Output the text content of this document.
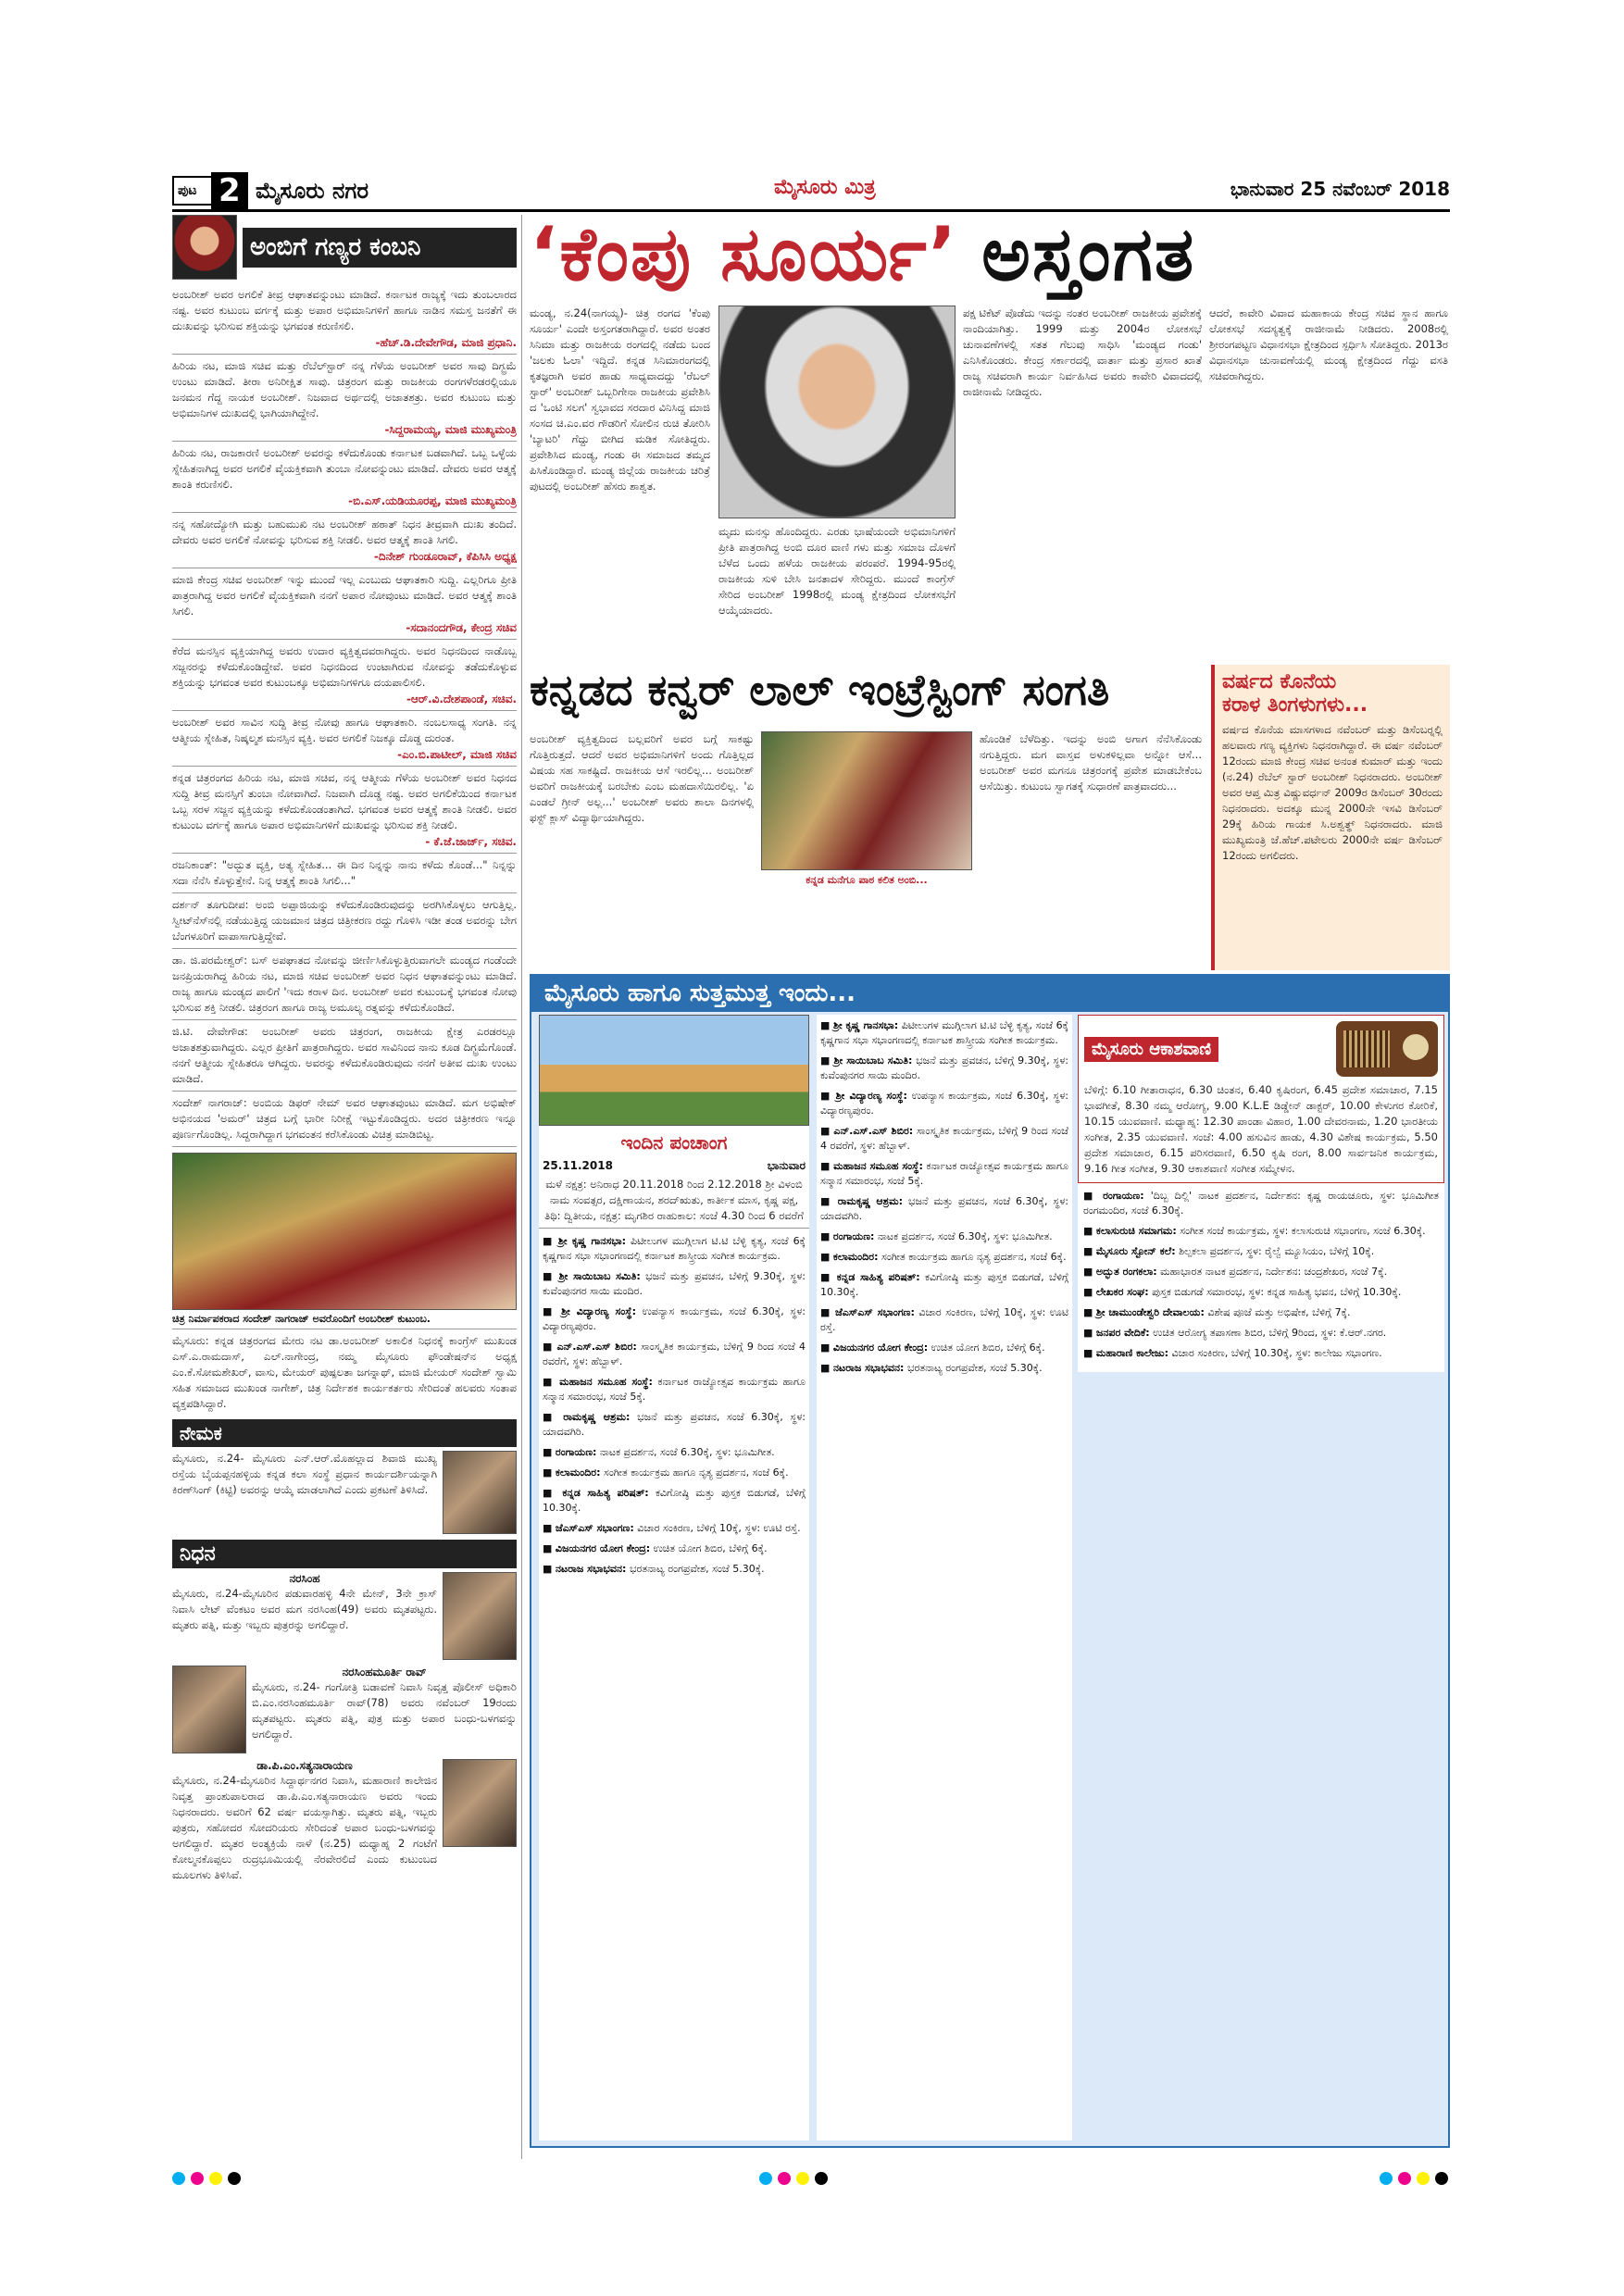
ಪುಟ 2 ಮೈಸೂರು ನಗರ	ಮೈಸೂರು ಮಿತ್ರ	ಭಾನುವಾರ 25 ನವೆಂಬರ್ 2018
ಅಂಬಿಗೆ ಗಣ್ಯರ ಕಂಬನಿ
ಅಂಬರೀಶ್ ಅವರ ಅಗಲಿಕೆ ತೀವ್ರ ಆಘಾತವನ್ನುಂಟು ಮಾಡಿದೆ. ಕರ್ನಾಟಕ ರಾಜ್ಯಕ್ಕೆ ಇದು ತುಂಬಲಾರದ ನಷ್ಟ. ಅವರ ಕುಟುಂಬ ವರ್ಗಕ್ಕೆ ಮತ್ತು ಅಪಾರ ಅಭಿಮಾನಿಗಳಿಗೆ ಹಾಗೂ ನಾಡಿನ ಸಮಸ್ತ ಜನತೆಗೆ ಈ ದುಃಖವನ್ನು ಭರಿಸುವ ಶಕ್ತಿಯನ್ನು ಭಗವಂತ ಕರುಣಿಸಲಿ.
-ಹೆಚ್.ಡಿ.ದೇವೇಗೌಡ, ಮಾಜಿ ಪ್ರಧಾನಿ.
ಹಿರಿಯ ನಟ, ಮಾಜಿ ಸಚಿವ ಮತ್ತು ರೆಬೆಲ್‍ಸ್ಟಾರ್ ನನ್ನ ಗೆಳೆಯ ಅಂಬರೀಶ್ ಅವರ ಸಾವು ದಿಗ್ಭ್ರಮೆ ಉಂಟು ಮಾಡಿದೆ. ತೀರಾ ಅನಿರೀಕ್ಷಿತ ಸಾವು. ಚಿತ್ರರಂಗ ಮತ್ತು ರಾಜಕೀಯ ರಂಗಗಳೆರಡರಲ್ಲಿಯೂ ಜನಮನ ಗೆದ್ದ ನಾಯಕ ಅಂಬರೀಶ್. ನಿಜವಾದ ಅರ್ಥದಲ್ಲಿ ಅಜಾತಶತ್ರು. ಅವರ ಕುಟುಂಬ ಮತ್ತು ಅಭಿಮಾನಿಗಳ ದುಃಖದಲ್ಲಿ ಭಾಗಿಯಾಗಿದ್ದೇನೆ.
-ಸಿದ್ದರಾಮಯ್ಯ, ಮಾಜಿ ಮುಖ್ಯಮಂತ್ರಿ
ಹಿರಿಯ ನಟ, ರಾಜಕಾರಣಿ ಅಂಬರೀಶ್ ಅವರನ್ನು ಕಳೆದುಕೊಂಡು ಕರ್ನಾಟಕ ಬಡವಾಗಿದೆ. ಒಬ್ಬ ಒಳ್ಳೆಯ ಸ್ನೇಹಿತನಾಗಿದ್ದ ಅವರ ಅಗಲಿಕೆ ವೈಯಕ್ತಿಕವಾಗಿ ತುಂಬಾ ನೋವನ್ನುಂಟು ಮಾಡಿದೆ. ದೇವರು ಅವರ ಆತ್ಮಕ್ಕೆ ಶಾಂತಿ ಕರುಣಿಸಲಿ.
-ಬಿ.ಎಸ್.ಯಡಿಯೂರಪ್ಪ, ಮಾಜಿ ಮುಖ್ಯಮಂತ್ರಿ
ನನ್ನ ಸಹೋದ್ಯೋಗಿ ಮತ್ತು ಬಹುಮುಖಿ ನಟ ಅಂಬರೀಶ್ ಹಠಾತ್ ನಿಧನ ತೀವ್ರವಾಗಿ ದುಃಖ ತಂದಿದೆ. ದೇವರು ಅವರ ಅಗಲಿಕೆ ನೋವನ್ನು ಭರಿಸುವ ಶಕ್ತಿ ನೀಡಲಿ. ಅವರ ಆತ್ಮಕ್ಕೆ ಶಾಂತಿ ಸಿಗಲಿ.
-ದಿನೇಶ್ ಗುಂಡೂರಾವ್, ಕೆಪಿಸಿಸಿ ಅಧ್ಯಕ್ಷ
ಮಾಜಿ ಕೇಂದ್ರ ಸಚಿವ ಅಂಬರೀಶ್ ಇನ್ನು ಮುಂದೆ ಇಲ್ಲ ಎಂಬುದು ಆಘಾತಕಾರಿ ಸುದ್ದಿ. ಎಲ್ಲರಿಗೂ ಪ್ರೀತಿ ಪಾತ್ರರಾಗಿದ್ದ ಅವರ ಅಗಲಿಕೆ ವೈಯಕ್ತಿಕವಾಗಿ ನನಗೆ ಅಪಾರ ನೋವುಂಟು ಮಾಡಿದೆ. ಅವರ ಆತ್ಮಕ್ಕೆ ಶಾಂತಿ ಸಿಗಲಿ.
-ಸದಾನಂದಗೌಡ, ಕೇಂದ್ರ ಸಚಿವ
ಕೆರೆದ ಮನಸ್ಸಿನ ವ್ಯಕ್ತಿಯಾಗಿದ್ದ ಅವರು ಉದಾರ ವ್ಯಕ್ತಿತ್ವದವರಾಗಿದ್ದರು. ಅವರ ನಿಧನದಿಂದ ನಾಡೊಬ್ಬ ಸಜ್ಜನರನ್ನು ಕಳೆದುಕೊಂಡಿದ್ದೇವೆ. ಅವರ ನಿಧನದಿಂದ ಉಂಟಾಗಿರುವ ನೋವನ್ನು ತಡೆದುಕೊಳ್ಳುವ ಶಕ್ತಿಯನ್ನು ಭಗವಂತ ಅವರ ಕುಟುಂಬಕ್ಕೂ ಅಭಿಮಾನಿಗಳಿಗೂ ದಯಪಾಲಿಸಲಿ.
-ಆರ್.ವಿ.ದೇಶಪಾಂಡೆ, ಸಚಿವ.
ಅಂಬರೀಶ್ ಅವರ ಸಾವಿನ ಸುದ್ದಿ ತೀವ್ರ ನೋವು ಹಾಗೂ ಆಘಾತಕಾರಿ. ನಂಬಲಸಾಧ್ಯ ಸಂಗತಿ. ನನ್ನ ಆತ್ಮೀಯ ಸ್ನೇಹಿತ, ನಿಷ್ಕಲ್ಮಶ ಮನಸ್ಸಿನ ವ್ಯಕ್ತಿ. ಅವರ ಅಗಲಿಕೆ ನಿಜಕ್ಕೂ ದೊಡ್ಡ ದುರಂತ.
-ಎಂ.ಬಿ.ಪಾಟೀಲ್, ಮಾಜಿ ಸಚಿವ
ಕನ್ನಡ ಚಿತ್ರರಂಗದ ಹಿರಿಯ ನಟ, ಮಾಜಿ ಸಚಿವ, ನನ್ನ ಆತ್ಮೀಯ ಗೆಳೆಯ ಅಂಬರೀಶ್ ಅವರ ನಿಧನದ ಸುದ್ದಿ ತೀವ್ರ ಮನಸ್ಸಿಗೆ ತುಂಬಾ ನೋವಾಗಿದೆ. ನಿಜವಾಗಿ ದೊಡ್ಡ ನಷ್ಟ. ಅವರ ಅಗಲಿಕೆಯಿಂದ ಕರ್ನಾಟಕ ಒಬ್ಬ ಸರಳ ಸಜ್ಜನ ವ್ಯಕ್ತಿಯನ್ನು ಕಳೆದುಕೊಂಡಂತಾಗಿದೆ. ಭಗವಂತ ಅವರ ಆತ್ಮಕ್ಕೆ ಶಾಂತಿ ನೀಡಲಿ. ಅವರ ಕುಟುಂಬ ವರ್ಗಕ್ಕೆ ಹಾಗೂ ಅಪಾರ ಅಭಿಮಾನಿಗಳಿಗೆ ದುಃಖವನ್ನು ಭರಿಸುವ ಶಕ್ತಿ ನೀಡಲಿ.
- ಕೆ.ಜೆ.ಜಾರ್ಜ್, ಸಚಿವ.
ರಜನಿಕಾಂತ್: "ಅದ್ಭುತ ವ್ಯಕ್ತಿ, ಅತ್ಯ ಸ್ನೇಹಿತ... ಈ ದಿನ ನಿನ್ನನ್ನು ನಾನು ಕಳೆದು ಕೊಂಡೆ..." ನಿನ್ನನ್ನು ಸದಾ ನೆನೆಸಿ ಕೊಳ್ಳುತ್ತೇನೆ. ನಿನ್ನ ಆತ್ಮಕ್ಕೆ ಶಾಂತಿ ಸಿಗಲಿ..."
ದರ್ಶನ್ ತೂಗುದೀಪ: ಅಂಬಿ ಅಪ್ಪಾಜಿಯನ್ನು ಕಳೆದುಕೊಂಡಿರುವುದನ್ನು ಅರಗಿಸಿಕೊಳ್ಳಲು ಆಗುತ್ತಿಲ್ಲ. ಸ್ವೀಟ್‍ನೆಸ್‍ನಲ್ಲಿ ನಡೆಯುತ್ತಿದ್ದ ಯಜಮಾನ ಚಿತ್ರದ ಚಿತ್ರೀಕರಣ ರದ್ದು ಗೊಳಿಸಿ ಇಡೀ ತಂಡ ಅವರನ್ನು ಬೇಗ ಬೆಂಗಳೂರಿಗೆ ವಾಪಾಸಾಗುತ್ತಿದ್ದೇವೆ.
ಡಾ. ಜಿ.ಪರಮೇಶ್ವರ್: ಬಸ್ ಅಪಘಾತದ ನೋವನ್ನು ಜೀರ್ಣಿಸಿಕೊಳ್ಳುತ್ತಿರುವಾಗಲೇ ಮಂಡ್ಯದ ಗಂಡೆಂದೇ ಜನಪ್ರಿಯರಾಗಿದ್ದ ಹಿರಿಯ ನಟ, ಮಾಜಿ ಸಚಿವ ಅಂಬರೀಶ್ ಅವರ ನಿಧನ ಆಘಾತವನ್ನುಂಟು ಮಾಡಿದೆ. ರಾಜ್ಯ ಹಾಗೂ ಮಂಡ್ಯದ ಪಾಲಿಗೆ 'ಇದು ಕರಾಳ ದಿನ. ಅಂಬರೀಶ್ ಅವರ ಕುಟುಂಬಕ್ಕೆ ಭಗವಂತ ನೋವು ಭರಿಸುವ ಶಕ್ತಿ ನೀಡಲಿ. ಚಿತ್ರರಂಗ ಹಾಗೂ ರಾಜ್ಯ ಅಮೂಲ್ಯ ರತ್ನವನ್ನು ಕಳೆದುಕೊಂಡಿದೆ.
ಜಿ.ಟಿ. ದೇವೇಗೌಡ: ಅಂಬರೀಶ್ ಅವರು ಚಿತ್ರರಂಗ, ರಾಜಕೀಯ ಕ್ಷೇತ್ರ ಎರಡರಲ್ಲೂ ಅಜಾತಶತ್ರುವಾಗಿದ್ದರು. ಎಲ್ಲರ ಪ್ರೀತಿಗೆ ಪಾತ್ರರಾಗಿದ್ದರು. ಅವರ ಸಾವಿನಿಂದ ನಾನು ಕೂಡ ದಿಗ್ಭ್ರಮೆಗೊಂಡೆ. ನನಗೆ ಆತ್ಮೀಯ ಸ್ನೇಹಿತರೂ ಆಗಿದ್ದರು. ಅವರನ್ನು ಕಳೆದುಕೊಂಡಿರುವುದು ನನಗೆ ಅತೀವ ದುಃಖ ಉಂಟು ಮಾಡಿದೆ.
ಸಂದೇಶ್ ನಾಗರಾಜ್: ಅಂಬಿಯ ಡಿಫರ್ ನೇಮ್ ಅವರ ಆಘಾತವುಂಟು ಮಾಡಿದೆ. ಮಗ ಅಭಿಷೇಕ್ ಅಭಿನಯದ 'ಅಮರ್' ಚಿತ್ರದ ಬಗ್ಗೆ ಭಾರೀ ನಿರೀಕ್ಷೆ ಇಟ್ಟುಕೊಂಡಿದ್ದರು. ಅದರ ಚಿತ್ರೀಕರಣ ಇನ್ನೂ ಪೂರ್ಣಗೊಂಡಿಲ್ಲ. ಸಿದ್ದರಾಗಿದ್ದಾಗ ಭಗವಂತನ ಕರೆಸಿಕೊಂಡು ವಿಚಿತ್ರ ಮಾಡಿಬಿಟ್ಟ.
ಚಿತ್ರ ನಿರ್ಮಾಪಕರಾದ ಸಂದೇಶ್ ನಾಗರಾಜ್ ಅವರೊಂದಿಗೆ ಅಂಬರೀಶ್ ಕುಟುಂಬ.
ಮೈಸೂರು: ಕನ್ನಡ ಚಿತ್ರರಂಗದ ಮೇರು ನಟ ಡಾ.ಅಂಬರೀಶ್ ಅಕಾಲಿಕ ನಿಧನಕ್ಕೆ ಕಾಂಗ್ರೆಸ್ ಮುಖಂಡ ಎಸ್.ಎ.ರಾಮದಾಸ್, ಎಲ್.ನಾಗೇಂದ್ರ, ನಮ್ಮ ಮೈಸೂರು ಫೌಂಡೇಷನ್‍ನ ಅಧ್ಯಕ್ಷ ಎಂ.ಕೆ.ಸೋಮಶೇಖರ್, ವಾಸು, ಮೇಯರ್ ಪುಷ್ಪಲತಾ ಜಗನ್ನಾಥ್, ಮಾಜಿ ಮೇಯರ್ ಸಂದೇಶ್ ಸ್ವಾಮಿ ಸಹಿತ ಸಮಾಜದ ಮುಖಂಡ ನಾಗೇಶ್, ಚಿತ್ರ ನಿರ್ದೇಶಕ ಕಾರ್ಯಕರ್ತರು ಸೇರಿದಂತೆ ಹಲವರು ಸಂತಾಪ ವ್ಯಕ್ತಪಡಿಸಿದ್ದಾರೆ.
ನೇಮಕ
ಮೈಸೂರು, ನ.24- ಮೈಸೂರು ಎನ್.ಆರ್.ಮೊಹಲ್ಲಾದ ಶಿವಾಜಿ ಮುಖ್ಯ ರಸ್ತೆಯ ಬೈಯಪ್ಪನಹಳ್ಳಿಯ ಕನ್ನಡ ಕಲಾ ಸಂಸ್ಥೆ ಪ್ರಧಾನ ಕಾರ್ಯದರ್ಶಿಯನ್ನಾಗಿ ಕಿರಣ್‍ಸಿಂಗ್ (ಕಿಟ್ಟಿ) ಅವರನ್ನು ಆಯ್ಕೆ ಮಾಡಲಾಗಿದೆ ಎಂದು ಪ್ರಕಟಣೆ ತಿಳಿಸಿದೆ.
ನಿಧನ
ನರಸಿಂಹ
ಮೈಸೂರು, ನ.24-ಮೈಸೂರಿನ ಪಡುವಾರಹಳ್ಳಿ 4ನೇ ಮೇನ್, 3ನೇ ಕ್ರಾಸ್ ನಿವಾಸಿ ಲೇಟ್ ವೆಂಕಟಂ ಅವರ ಮಗ ನರಸಿಂಹ(49) ಅವರು ಮೃತಪಟ್ಟರು. ಮೃತರು ಪತ್ನಿ, ಮತ್ತು ಇಬ್ಬರು ಪುತ್ರರನ್ನು ಅಗಲಿದ್ದಾರೆ.
ನರಸಿಂಹಮೂರ್ತಿ ರಾವ್
ಮೈಸೂರು, ನ.24- ಗಂಗೋತ್ರಿ ಬಡಾವಣೆ ನಿವಾಸಿ ನಿವೃತ್ತ ಪೊಲೀಸ್ ಅಧಿಕಾರಿ ಬಿ.ಎಂ.ನರಸಿಂಹಮೂರ್ತಿ ರಾವ್(78) ಅವರು ನವೆಂಬರ್ 19ರಂದು ಮೃತಪಟ್ಟರು. ಮೃತರು ಪತ್ನಿ, ಪುತ್ರ ಮತ್ತು ಅಪಾರ ಬಂಧು-ಬಳಗವನ್ನು ಅಗಲಿದ್ದಾರೆ.
ಡಾ.ಪಿ.ಎಂ.ಸತ್ಯನಾರಾಯಣ
ಮೈಸೂರು, ನ.24-ಮೈಸೂರಿನ ಸಿದ್ದಾರ್ಥನಗರ ನಿವಾಸಿ, ಮಹಾರಾಣಿ ಕಾಲೇಜಿನ ನಿವೃತ್ತ ಪ್ರಾಂಶುಪಾಲರಾದ ಡಾ.ಪಿ.ಎಂ.ಸತ್ಯನಾರಾಯಣ ಅವರು ಇಂದು ನಿಧನರಾದರು. ಅವರಿಗೆ 62 ವರ್ಷ ವಯಸ್ಸಾಗಿತ್ತು. ಮೃತರು ಪತ್ನಿ, ಇಬ್ಬರು ಪುತ್ರರು, ಸಹೋದರ ಸೋದರಿಯರು ಸೇರಿದಂತೆ ಅಪಾರ ಬಂಧು-ಬಳಗವನ್ನು ಅಗಲಿದ್ದಾರೆ. ಮೃತರ ಅಂತ್ಯಕ್ರಿಯೆ ನಾಳೆ (ನ.25) ಮಧ್ಯಾಹ್ನ 2 ಗಂಟೆಗೆ ಕೋಲ್ಮನಕೊಪ್ಪಲು ರುದ್ರಭೂಮಿಯಲ್ಲಿ ನೆರವೇರಲಿದೆ ಎಂದು ಕುಟುಂಬದ ಮೂಲಗಳು ತಿಳಿಸಿವೆ.
‘ಕೆಂಪು ಸೂರ್ಯ’ ಅಸ್ತಂಗತ
ಮಂಡ್ಯ, ನ.24(ನಾಗಯ್ಯ)- ಚಿತ್ರ ರಂಗದ 'ಕೆಂಪು ಸೂರ್ಯ' ಎಂದೇ ಅಸ್ತಂಗತರಾಗಿದ್ದಾರೆ. ಅವರ ಅಂತರ ಸಿನಿಮಾ ಮತ್ತು ರಾಜಕೀಯ ರಂಗದಲ್ಲಿ ನಡೆದು ಬಂದ 'ಜಲಕು ಓಲಾ' ಇದ್ದಿದೆ. ಕನ್ನಡ ಸಿನಿಮಾರಂಗದಲ್ಲಿ ಕೃತಜ್ಞರಾಗಿ ಅವರ ಹಾಡು ಸಾಧ್ಯವಾದದ್ದು 'ರೆಬಲ್ ಸ್ಟಾರ್' ಅಂಬರೀಶ್ ಒಬ್ಬರಿಗೇನಾ ರಾಜಕೀಯ ಪ್ರವೇಶಿಸಿ ದ 'ಒಂಟಿ ಸಲಗ' ಸ್ವಭಾವದ ಸರದಾರ ವಿನಿಸಿದ್ದ ಮಾಜಿ ಸಂಸದ ಚಿ.ಎಂ.ವರ ಗೌಡರಿಗೆ ಸೋಲಿನ ರುಚಿ ತೋರಿಸಿ 'ಬ್ಯಾಟರಿ' ಗೆದ್ದು ಬೀಗಿದ ಮಡಿಕ ಸೋತಿದ್ದರು. ಪ್ರವೇಶಿಸಿದ ಮಂಡ್ಯ, ಗಂಡು ಈ ಸಮಾಜದ ತಮ್ಮದ ಪಿಸಿಕೊಂಡಿದ್ದಾರೆ. ಮಂಡ್ಯ ಜಿಲ್ಲೆಯ ರಾಜಕೀಯ ಚರಿತ್ರೆ ಪುಟದಲ್ಲಿ ಅಂಬರೀಶ್ ಹೆಸರು ಶಾಶ್ವತ.
ಮೃದು ಮನಸ್ಸು ಹೊಂದಿದ್ದರು. ಎರಡು ಭಾಷೆಯಂದೇ ಅಭಿಮಾನಿಗಳಿಗೆ ಪ್ರೀತಿ ಪಾತ್ರರಾಗಿದ್ದ ಅಂಬಿ ದೂರ ವಾಣಿ ಗಳು ಮತ್ತು ಸಮಾಜ ದೊಳಗೆ ಬೆಳೆದ ಒಂದು ಹಳೆಯ ರಾಜಕೀಯ ಪರಂಪರೆ. 1994-95ರಲ್ಲಿ ರಾಜಕೀಯ ಸುಳಿ ಬೇಸಿ ಜನತಾದಳ ಸೇರಿದ್ದರು. ಮುಂದೆ ಕಾಂಗ್ರೆಸ್ ಸೇರಿದ ಅಂಬರೀಶ್ 1998ರಲ್ಲಿ ಮಂಡ್ಯ ಕ್ಷೇತ್ರದಿಂದ ಲೋಕಸಭೆಗೆ ಆಯ್ಕೆಯಾದರು.
ಪಕ್ಷ ಟಿಕೆಟ್ ಪೊಡೆದು ಇದನ್ನು ನಂತರ ಅಂಬರೀಶ್ ರಾಜಕೀಯ ಪ್ರವೇಶಕ್ಕೆ ನಾಂದಿಯಾಗಿತ್ತು. 1999 ಮತ್ತು 2004ರ ಲೋಕಸಭೆ ಚುನಾವಣೆಗಳಲ್ಲಿ ಸತತ ಗೆಲುವು ಸಾಧಿಸಿ 'ಮಂಡ್ಯದ ಗಂಡು' ಎನಿಸಿಕೊಂಡರು. ಕೇಂದ್ರ ಸರ್ಕಾರದಲ್ಲಿ ವಾರ್ತಾ ಮತ್ತು ಪ್ರಸಾರ ಖಾತೆ ರಾಜ್ಯ ಸಚಿವರಾಗಿ ಕಾರ್ಯ ನಿರ್ವಹಿಸಿದ ಅವರು ಕಾವೇರಿ ವಿವಾದದಲ್ಲಿ ರಾಜೀನಾಮೆ ನೀಡಿದ್ದರು.
ಆದರೆ, ಕಾವೇರಿ ವಿವಾದ ಮಹಾಕಾಯ ಕೇಂದ್ರ ಸಚಿವ ಸ್ಥಾನ ಹಾಗೂ ಲೋಕಸಭೆ ಸದಸ್ಯತ್ವಕ್ಕೆ ರಾಜೀನಾಮೆ ನೀಡಿದರು. 2008ರಲ್ಲಿ ಶ್ರೀರಂಗಪಟ್ಟಣ ವಿಧಾನಸಭಾ ಕ್ಷೇತ್ರದಿಂದ ಸ್ಪರ್ಧಿಸಿ ಸೋತಿದ್ದರು. 2013ರ ವಿಧಾನಸಭಾ ಚುನಾವಣೆಯಲ್ಲಿ ಮಂಡ್ಯ ಕ್ಷೇತ್ರದಿಂದ ಗೆದ್ದು ವಸತಿ ಸಚಿವರಾಗಿದ್ದರು.
ಕನ್ನಡದ ಕನ್ವರ್ ಲಾಲ್ ಇಂಟ್ರೆಸ್ಟಿಂಗ್ ಸಂಗತಿ
ಅಂಬರೀಶ್ ವ್ಯಕ್ತಿತ್ವದಿಂದ ಬಲ್ಲವರಿಗೆ ಅವರ ಬಗ್ಗೆ ಸಾಕಷ್ಟು ಗೊತ್ತಿರುತ್ತದೆ. ಆದರೆ ಅವರ ಅಭಿಮಾನಿಗಳಿಗೆ ಅಂದು ಗೊತ್ತಿಲ್ಲದ ವಿಷಯ ಸಹ ಸಾಕಷ್ಟಿದೆ. ರಾಜಕೀಯ ಆಸೆ ಇರಲಿಲ್ಲ... ಅಂಬರೀಶ್ ಅವರಿಗೆ ರಾಜಕೀಯಕ್ಕೆ ಬರಬೇಕು ಎಂಬ ಮಹದಾಸೆಯಿರಲಿಲ್ಲ. 'ಏ ಎಂಡಲೆ ಗ್ರೀನ್ ಅಲ್ಲ...' ಅಂಬರೀಶ್ ಅವರು ಶಾಲಾ ದಿನಗಳಲ್ಲಿ ಫಸ್ಟ್ ಕ್ಲಾಸ್ ವಿದ್ಯಾರ್ಥಿಯಾಗಿದ್ದರು.
ಕನ್ನಡ ಮನೆಗೂ ಪಾಠ ಕಲಿತ ಅಂಬಿ...
ಹೊಂಡಿಕೆ ಬೆಳೆದಿತ್ತು. ಇದನ್ನು ಅಂಬಿ ಅಗಾಗ ನೆನೆಸಿಕೊಂಡು ನಗುತ್ತಿದ್ದರು. ಮಗ ವಾಸ್ತವ ಅಳುಕಳಿಲ್ಲವಾ ಅನ್ನೋ ಆಸೆ... ಅಂಬರೀಶ್ ಅವರ ಮಗನೂ ಚಿತ್ರರಂಗಕ್ಕೆ ಪ್ರವೇಶ ಮಾಡಬೇಕೆಂಬ ಆಸೆಯಿತ್ತು. ಕುಟುಂಬ ಸ್ವಾಗತಕ್ಕೆ ಸುಧಾರಣೆ ಪಾತ್ರವಾದರು...
ವರ್ಷದ ಕೊನೆಯ
ಕರಾಳ ತಿಂಗಳುಗಳು...
ವರ್ಷದ ಕೊನೆಯ ಮಾಸಗಳಾದ ನವೆಂಬರ್ ಮತ್ತು ಡಿಸೆಂಬರ್‍ನಲ್ಲಿ ಹಲವಾರು ಗಣ್ಯ ವ್ಯಕ್ತಿಗಳು ನಿಧನರಾಗಿದ್ದಾರೆ. ಈ ವರ್ಷ ನವೆಂಬರ್ 12ರಂದು ಮಾಜಿ ಕೇಂದ್ರ ಸಚಿವ ಅನಂತ ಕುಮಾರ್ ಮತ್ತು ಇಂದು (ನ.24) ರೆಬೆಲ್ ಸ್ಟಾರ್ ಅಂಬರೀಶ್ ನಿಧನರಾದರು. ಅಂಬರೀಶ್ ಅವರ ಆಪ್ತ ಮಿತ್ರ ವಿಷ್ಣುವರ್ಧನ್ 2009ರ ಡಿಸೆಂಬರ್ 30ರಂದು ನಿಧನರಾದರು. ಅದಕ್ಕೂ ಮುನ್ನ 2000ನೇ ಇಸವಿ ಡಿಸೆಂಬರ್ 29ಕ್ಕೆ ಹಿರಿಯ ಗಾಯಕ ಸಿ.ಅಶ್ವತ್ಥ್ ನಿಧನರಾದರು. ಮಾಜಿ ಮುಖ್ಯಮಂತ್ರಿ ಜೆ.ಹೆಚ್.ಪಟೇಲರು 2000ನೇ ವರ್ಷ ಡಿಸೆಂಬರ್ 12ರಂದು ಅಗಲಿದರು.
ಮೈಸೂರು ಹಾಗೂ ಸುತ್ತಮುತ್ತ ಇಂದು...
ಇಂದಿನ ಪಂಚಾಂಗ
25.11.2018	ಭಾನುವಾರ
ಮಳೆ ನಕ್ಷತ್ರ: ಅನಿರಾಧ 20.11.2018 ರಿಂದ 2.12.2018 ಶ್ರೀ ವಿಳಂಬಿ ನಾಮ ಸಂವತ್ಸರ, ದಕ್ಷಿಣಾಯನ, ಶರದ್ಋತು, ಕಾರ್ತೀಕ ಮಾಸ, ಕೃಷ್ಣ ಪಕ್ಷ, ತಿಥಿ: ದ್ವಿತೀಯ, ನಕ್ಷತ್ರ: ಮೃಗಶಿರ ರಾಹುಕಾಲ: ಸಂಜೆ 4.30 ರಿಂದ 6 ರವರೆಗೆ
■ ಶ್ರೀ ಕೃಷ್ಣ ಗಾನಸಭಾ: ಪಿಟೀಲುಗಳ ಮುಗ್ಗಿಲಾಗ ಟಿ.ಟಿ ಬೆಳ್ಳಿ ಕೃತ್ಯ, ಸಂಜೆ 6ಕ್ಕೆ ಕೃಷ್ಣಗಾನ ಸಭಾ ಸಭಾಂಗಣದಲ್ಲಿ ಕರ್ನಾಟಕ ಶಾಸ್ತ್ರೀಯ ಸಂಗೀತ ಕಾರ್ಯಕ್ರಮ.
■ ಶ್ರೀ ಸಾಯಿಬಾಬ ಸಮಿತಿ: ಭಜನೆ ಮತ್ತು ಪ್ರವಚನ, ಬೆಳಿಗ್ಗೆ 9.30ಕ್ಕೆ, ಸ್ಥಳ: ಕುವೆಂಪುನಗರ ಸಾಯಿ ಮಂದಿರ.
■ ಶ್ರೀ ವಿದ್ಯಾರಣ್ಯ ಸಂಸ್ಥೆ: ಉಪನ್ಯಾಸ ಕಾರ್ಯಕ್ರಮ, ಸಂಜೆ 6.30ಕ್ಕೆ, ಸ್ಥಳ: ವಿದ್ಯಾರಣ್ಯಪುರಂ.
■ ಎನ್.ಎಸ್.ಎಸ್ ಶಿಬಿರ: ಸಾಂಸ್ಕೃತಿಕ ಕಾರ್ಯಕ್ರಮ, ಬೆಳಿಗ್ಗೆ 9 ರಿಂದ ಸಂಜೆ 4 ರವರೆಗೆ, ಸ್ಥಳ: ಹೆಬ್ಬಾಳ್.
■ ಮಹಾಜನ ಸಮೂಹ ಸಂಸ್ಥೆ: ಕರ್ನಾಟಕ ರಾಜ್ಯೋತ್ಸವ ಕಾರ್ಯಕ್ರಮ ಹಾಗೂ ಸನ್ಮಾನ ಸಮಾರಂಭ, ಸಂಜೆ 5ಕ್ಕೆ.
■ ರಾಮಕೃಷ್ಣ ಆಶ್ರಮ: ಭಜನೆ ಮತ್ತು ಪ್ರವಚನ, ಸಂಜೆ 6.30ಕ್ಕೆ, ಸ್ಥಳ: ಯಾದವಗಿರಿ.
■ ರಂಗಾಯಣ: ನಾಟಕ ಪ್ರದರ್ಶನ, ಸಂಜೆ 6.30ಕ್ಕೆ, ಸ್ಥಳ: ಭೂಮಿಗೀತ.
■ ಕಲಾಮಂದಿರ: ಸಂಗೀತ ಕಾರ್ಯಕ್ರಮ ಹಾಗೂ ನೃತ್ಯ ಪ್ರದರ್ಶನ, ಸಂಜೆ 6ಕ್ಕೆ.
■ ಕನ್ನಡ ಸಾಹಿತ್ಯ ಪರಿಷತ್: ಕವಿಗೋಷ್ಠಿ ಮತ್ತು ಪುಸ್ತಕ ಬಿಡುಗಡೆ, ಬೆಳಿಗ್ಗೆ 10.30ಕ್ಕೆ.
■ ಜೆಎಸ್‍ಎಸ್ ಸಭಾಂಗಣ: ವಿಚಾರ ಸಂಕಿರಣ, ಬೆಳಿಗ್ಗೆ 10ಕ್ಕೆ, ಸ್ಥಳ: ಊಟಿ ರಸ್ತೆ.
■ ವಿಜಯನಗರ ಯೋಗ ಕೇಂದ್ರ: ಉಚಿತ ಯೋಗ ಶಿಬಿರ, ಬೆಳಿಗ್ಗೆ 6ಕ್ಕೆ.
■ ನಟರಾಜ ಸಭಾಭವನ: ಭರತನಾಟ್ಯ ರಂಗಪ್ರವೇಶ, ಸಂಜೆ 5.30ಕ್ಕೆ.
■ ಶ್ರೀ ಕೃಷ್ಣ ಗಾನಸಭಾ: ಪಿಟೀಲುಗಳ ಮುಗ್ಗಿಲಾಗ ಟಿ.ಟಿ ಬೆಳ್ಳಿ ಕೃತ್ಯ, ಸಂಜೆ 6ಕ್ಕೆ ಕೃಷ್ಣಗಾನ ಸಭಾ ಸಭಾಂಗಣದಲ್ಲಿ ಕರ್ನಾಟಕ ಶಾಸ್ತ್ರೀಯ ಸಂಗೀತ ಕಾರ್ಯಕ್ರಮ.
■ ಶ್ರೀ ಸಾಯಿಬಾಬ ಸಮಿತಿ: ಭಜನೆ ಮತ್ತು ಪ್ರವಚನ, ಬೆಳಿಗ್ಗೆ 9.30ಕ್ಕೆ, ಸ್ಥಳ: ಕುವೆಂಪುನಗರ ಸಾಯಿ ಮಂದಿರ.
■ ಶ್ರೀ ವಿದ್ಯಾರಣ್ಯ ಸಂಸ್ಥೆ: ಉಪನ್ಯಾಸ ಕಾರ್ಯಕ್ರಮ, ಸಂಜೆ 6.30ಕ್ಕೆ, ಸ್ಥಳ: ವಿದ್ಯಾರಣ್ಯಪುರಂ.
■ ಎನ್.ಎಸ್.ಎಸ್ ಶಿಬಿರ: ಸಾಂಸ್ಕೃತಿಕ ಕಾರ್ಯಕ್ರಮ, ಬೆಳಿಗ್ಗೆ 9 ರಿಂದ ಸಂಜೆ 4 ರವರೆಗೆ, ಸ್ಥಳ: ಹೆಬ್ಬಾಳ್.
■ ಮಹಾಜನ ಸಮೂಹ ಸಂಸ್ಥೆ: ಕರ್ನಾಟಕ ರಾಜ್ಯೋತ್ಸವ ಕಾರ್ಯಕ್ರಮ ಹಾಗೂ ಸನ್ಮಾನ ಸಮಾರಂಭ, ಸಂಜೆ 5ಕ್ಕೆ.
■ ರಾಮಕೃಷ್ಣ ಆಶ್ರಮ: ಭಜನೆ ಮತ್ತು ಪ್ರವಚನ, ಸಂಜೆ 6.30ಕ್ಕೆ, ಸ್ಥಳ: ಯಾದವಗಿರಿ.
■ ರಂಗಾಯಣ: ನಾಟಕ ಪ್ರದರ್ಶನ, ಸಂಜೆ 6.30ಕ್ಕೆ, ಸ್ಥಳ: ಭೂಮಿಗೀತ.
■ ಕಲಾಮಂದಿರ: ಸಂಗೀತ ಕಾರ್ಯಕ್ರಮ ಹಾಗೂ ನೃತ್ಯ ಪ್ರದರ್ಶನ, ಸಂಜೆ 6ಕ್ಕೆ.
■ ಕನ್ನಡ ಸಾಹಿತ್ಯ ಪರಿಷತ್: ಕವಿಗೋಷ್ಠಿ ಮತ್ತು ಪುಸ್ತಕ ಬಿಡುಗಡೆ, ಬೆಳಿಗ್ಗೆ 10.30ಕ್ಕೆ.
■ ಜೆಎಸ್‍ಎಸ್ ಸಭಾಂಗಣ: ವಿಚಾರ ಸಂಕಿರಣ, ಬೆಳಿಗ್ಗೆ 10ಕ್ಕೆ, ಸ್ಥಳ: ಊಟಿ ರಸ್ತೆ.
■ ವಿಜಯನಗರ ಯೋಗ ಕೇಂದ್ರ: ಉಚಿತ ಯೋಗ ಶಿಬಿರ, ಬೆಳಿಗ್ಗೆ 6ಕ್ಕೆ.
■ ನಟರಾಜ ಸಭಾಭವನ: ಭರತನಾಟ್ಯ ರಂಗಪ್ರವೇಶ, ಸಂಜೆ 5.30ಕ್ಕೆ.
ಮೈಸೂರು ಆಕಾಶವಾಣಿ
ಬೆಳಿಗ್ಗೆ: 6.10 ಗೀತಾರಾಧನ, 6.30 ಚಿಂತನ, 6.40 ಕೃಷಿರಂಗ, 6.45 ಪ್ರದೇಶ ಸಮಾಚಾರ, 7.15 ಭಾವಗೀತೆ, 8.30 ನಮ್ಮ ಆರೋಗ್ಯ, 9.00 K.L.E ಡಿಡ್ಡೇನ್ ಡಾಕ್ಟರ್, 10.00 ಕೇಳುಗರ ಕೋರಿಕೆ, 10.15 ಯುವವಾಣಿ. ಮಧ್ಯಾಹ್ನ: 12.30 ಪಾಂಡಾ ವಿಹಾರ, 1.00 ದೇವರನಾಮ, 1.20 ಭಾರತೀಯ ಸಂಗೀತ, 2.35 ಯುವವಾಣಿ. ಸಂಜೆ: 4.00 ಹಸುವಿನ ಹಾಡು, 4.30 ವಿಶೇಷ ಕಾರ್ಯಕ್ರಮ, 5.50 ಪ್ರದೇಶ ಸಮಾಚಾರ, 6.15 ಪರಿಸರವಾಣಿ, 6.50 ಕೃಷಿ ರಂಗ, 8.00 ಸಾರ್ವಜನಿಕ ಕಾರ್ಯಕ್ರಮ, 9.16 ಗೀತ ಸಂಗೀತ, 9.30 ಆಕಾಶವಾಣಿ ಸಂಗೀತ ಸಮ್ಮೇಳನ.
■ ರಂಗಾಯಣ: 'ದಿಬ್ಬ ದಿಲ್ಲಿ' ನಾಟಕ ಪ್ರದರ್ಶನ, ನಿರ್ದೇಶನ: ಕೃಷ್ಣ ರಾಯಚೂರು, ಸ್ಥಳ: ಭೂಮಿಗೀತ ರಂಗಮಂದಿರ, ಸಂಜೆ 6.30ಕ್ಕೆ.
■ ಕಲಾಸುರುಚಿ ಸಮಾಗಮ: ಸಂಗೀತ ಸಂಜೆ ಕಾರ್ಯಕ್ರಮ, ಸ್ಥಳ: ಕಲಾಸುರುಚಿ ಸಭಾಂಗಣ, ಸಂಜೆ 6.30ಕ್ಕೆ.
■ ಮೈಸೂರು ಸ್ಟೋನ್ ಕಲೆ: ಶಿಲ್ಪಕಲಾ ಪ್ರದರ್ಶನ, ಸ್ಥಳ: ರೈಲ್ವೆ ಮ್ಯೂಸಿಯಂ, ಬೆಳಿಗ್ಗೆ 10ಕ್ಕೆ.
■ ಅದ್ಭುತ ರಂಗಕಲಾ: ಮಹಾಭಾರತ ನಾಟಕ ಪ್ರದರ್ಶನ, ನಿರ್ದೇಶನ: ಚಂದ್ರಶೇಖರ, ಸಂಜೆ 7ಕ್ಕೆ.
■ ಲೇಖಕರ ಸಂಘ: ಪುಸ್ತಕ ಬಿಡುಗಡೆ ಸಮಾರಂಭ, ಸ್ಥಳ: ಕನ್ನಡ ಸಾಹಿತ್ಯ ಭವನ, ಬೆಳಿಗ್ಗೆ 10.30ಕ್ಕೆ.
■ ಶ್ರೀ ಚಾಮುಂಡೇಶ್ವರಿ ದೇವಾಲಯ: ವಿಶೇಷ ಪೂಜೆ ಮತ್ತು ಅಭಿಷೇಕ, ಬೆಳಿಗ್ಗೆ 7ಕ್ಕೆ.
■ ಜನಪರ ವೇದಿಕೆ: ಉಚಿತ ಆರೋಗ್ಯ ತಪಾಸಣಾ ಶಿಬಿರ, ಬೆಳಿಗ್ಗೆ 9ರಿಂದ, ಸ್ಥಳ: ಕೆ.ಆರ್.ನಗರ.
■ ಮಹಾರಾಣಿ ಕಾಲೇಜು: ವಿಚಾರ ಸಂಕಿರಣ, ಬೆಳಿಗ್ಗೆ 10.30ಕ್ಕೆ, ಸ್ಥಳ: ಕಾಲೇಜು ಸಭಾಂಗಣ.
